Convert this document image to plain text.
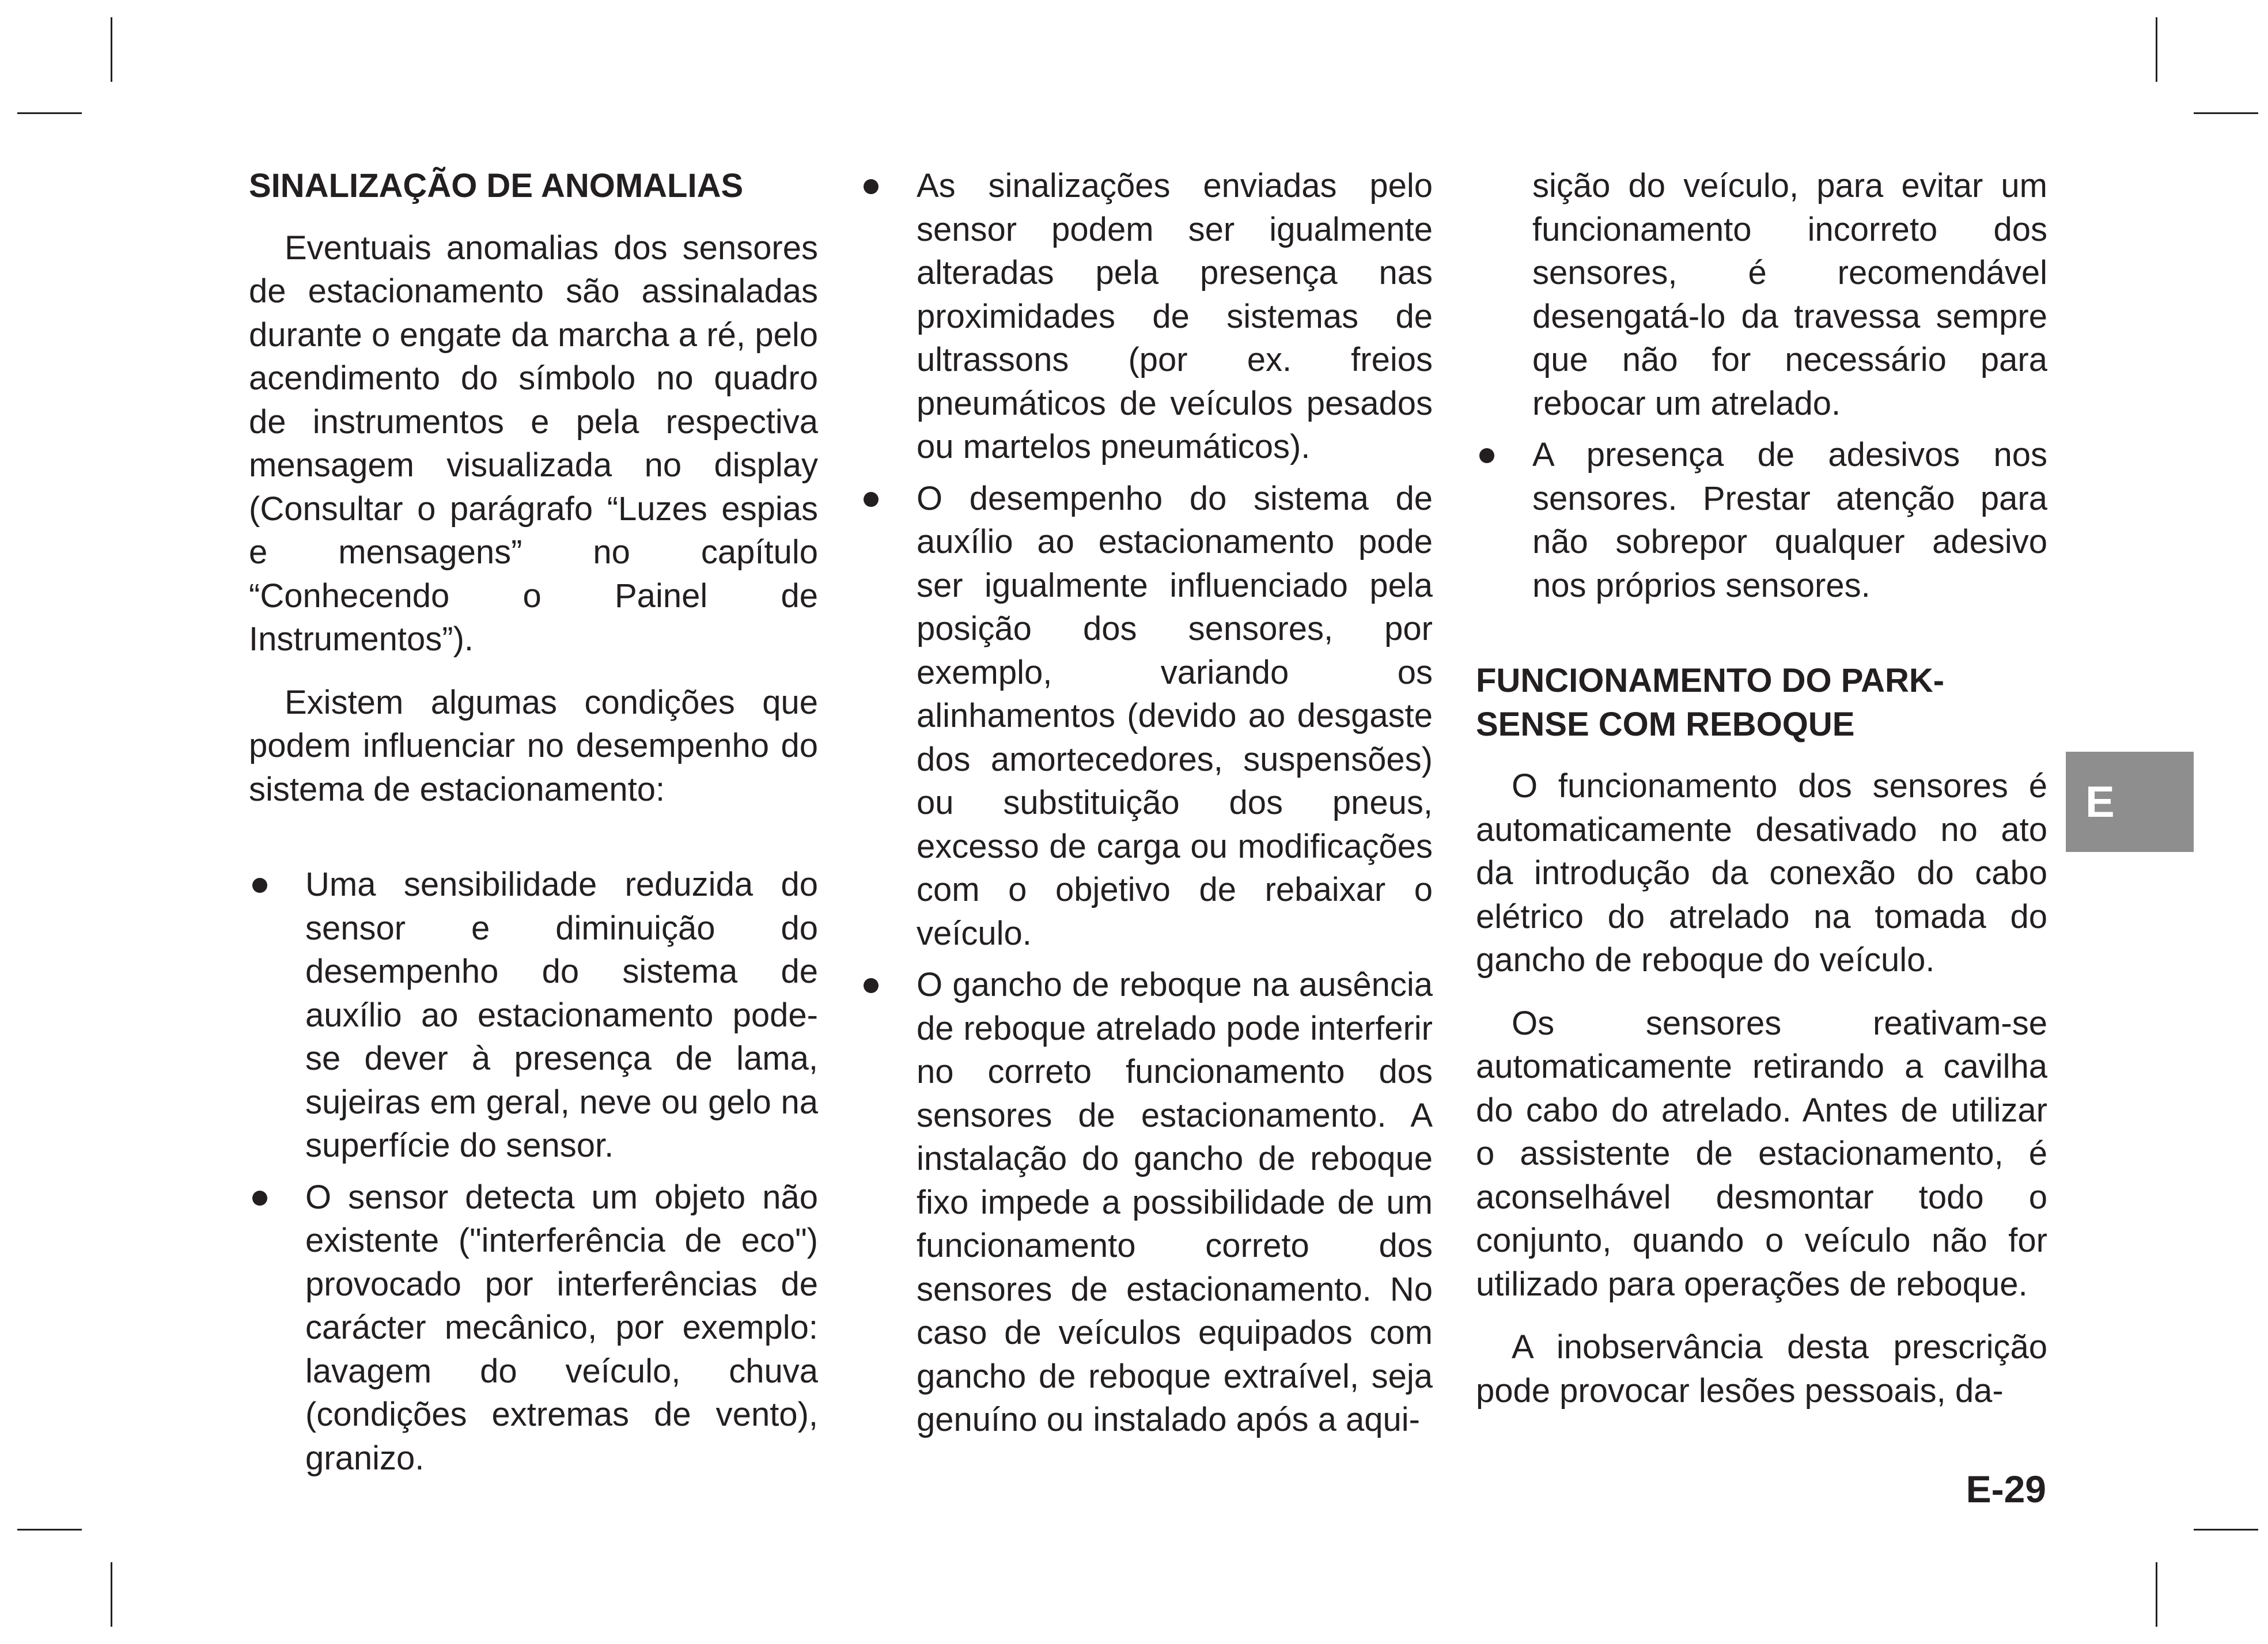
SINALIZAÇÃO DE ANOMALIAS

Eventuais anomalias dos sensores de estacionamento são assinaladas durante o engate da marcha a ré, pelo acendimento do símbolo no quadro de instrumentos e pela respectiva mensagem visualizada no display (Consultar o parágrafo “Luzes espias e mensagens” no capítulo “Conhecendo o Painel de Instrumentos”).

Existem algumas condições que podem influenciar no desempenho do sistema de estacionamento:

Uma sensibilidade reduzida do sensor e diminuição do desempenho do sistema de auxílio ao estacionamento pode-se dever à presença de lama, sujeiras em geral, neve ou gelo na superfície do sensor.
O sensor detecta um objeto não existente ("interferência de eco") provocado por interferências de carácter mecânico, por exemplo: lavagem do veículo, chuva (condições extremas de vento), granizo.
As sinalizações enviadas pelo sensor podem ser igualmente alteradas pela presença nas proximidades de sistemas de ultrassons (por ex. freios pneumáticos de veículos pesados ou martelos pneumáticos).
O desempenho do sistema de auxílio ao estacionamento pode ser igualmente influenciado pela posição dos sensores, por exemplo, variando os alinhamentos (devido ao desgaste dos amortecedores, suspensões) ou substituição dos pneus, excesso de carga ou modificações com o objetivo de rebaixar o veículo.
O gancho de reboque na ausência de reboque atrelado pode interferir no correto funcionamento dos sensores de estacionamento. A instalação do gancho de reboque fixo impede a possibilidade de um funcionamento correto dos sensores de estacionamento. No caso de veículos equipados com gancho de reboque extraível, seja genuíno ou instalado após a aqui-

sição do veículo, para evitar um funcionamento incorreto dos sensores, é recomendável desengatá-lo da travessa sempre que não for necessário para rebocar um atrelado.

A presença de adesivos nos sensores. Prestar atenção para não sobrepor qualquer adesivo nos próprios sensores.
FUNCIONAMENTO DO PARK-
SENSE COM REBOQUE

O funcionamento dos sensores é automaticamente desativado no ato da introdução da conexão do cabo elétrico do atrelado na tomada do gancho de reboque do veículo.

Os sensores reativam-se automaticamente retirando a cavilha do cabo do atrelado. Antes de utilizar o assistente de estacionamento, é aconselhável desmontar todo o conjunto, quando o veículo não for utilizado para operações de reboque.

A inobservância desta prescrição pode provocar lesões pessoais, da-

E
E-29
